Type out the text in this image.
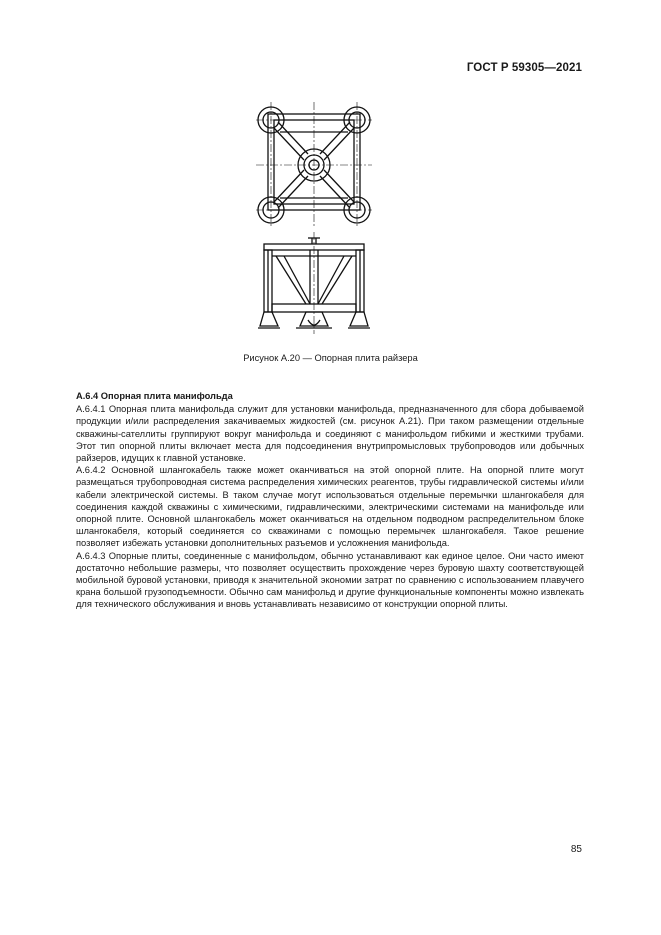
ГОСТ Р 59305—2021
Рисунок А.20 — Опорная плита райзера
А.6.4 Опорная плита манифольда

А.6.4.1 Опорная плита манифольда служит для установки манифольда, предназначенного для сбора добываемой продукции и/или распределения закачиваемых жидкостей (см. рисунок А.21). При таком размещении отдельные скважины-сателлиты группируют вокруг манифольда и соединяют с манифольдом гибкими и жесткими трубами. Этот тип опорной плиты включает места для подсоединения внутрипромысловых трубопроводов или добычных райзеров, идущих к главной установке.

А.6.4.2 Основной шлангокабель также может оканчиваться на этой опорной плите. На опорной плите могут размещаться трубопроводная система распределения химических реагентов, трубы гидравлической системы и/или кабели электрической системы. В таком случае могут использоваться отдельные перемычки шлангокабеля для соединения каждой скважины с химическими, гидравлическими, электрическими системами на манифольде или опорной плите. Основной шлангокабель может оканчиваться на отдельном подводном распределительном блоке шлангокабеля, который соединяется со скважинами с помощью перемычек шлангокабеля. Такое решение позволяет избежать установки дополнительных разъемов и усложнения манифольда.

А.6.4.3 Опорные плиты, соединенные с манифольдом, обычно устанавливают как единое целое. Они часто имеют достаточно небольшие размеры, что позволяет осуществить прохождение через буровую шахту соответствующей мобильной буровой установки, приводя к значительной экономии затрат по сравнению с использованием плавучего крана большой грузоподъемности. Обычно сам манифольд и другие функциональные компоненты можно извлекать для технического обслуживания и вновь устанавливать независимо от конструкции опорной плиты.

85
